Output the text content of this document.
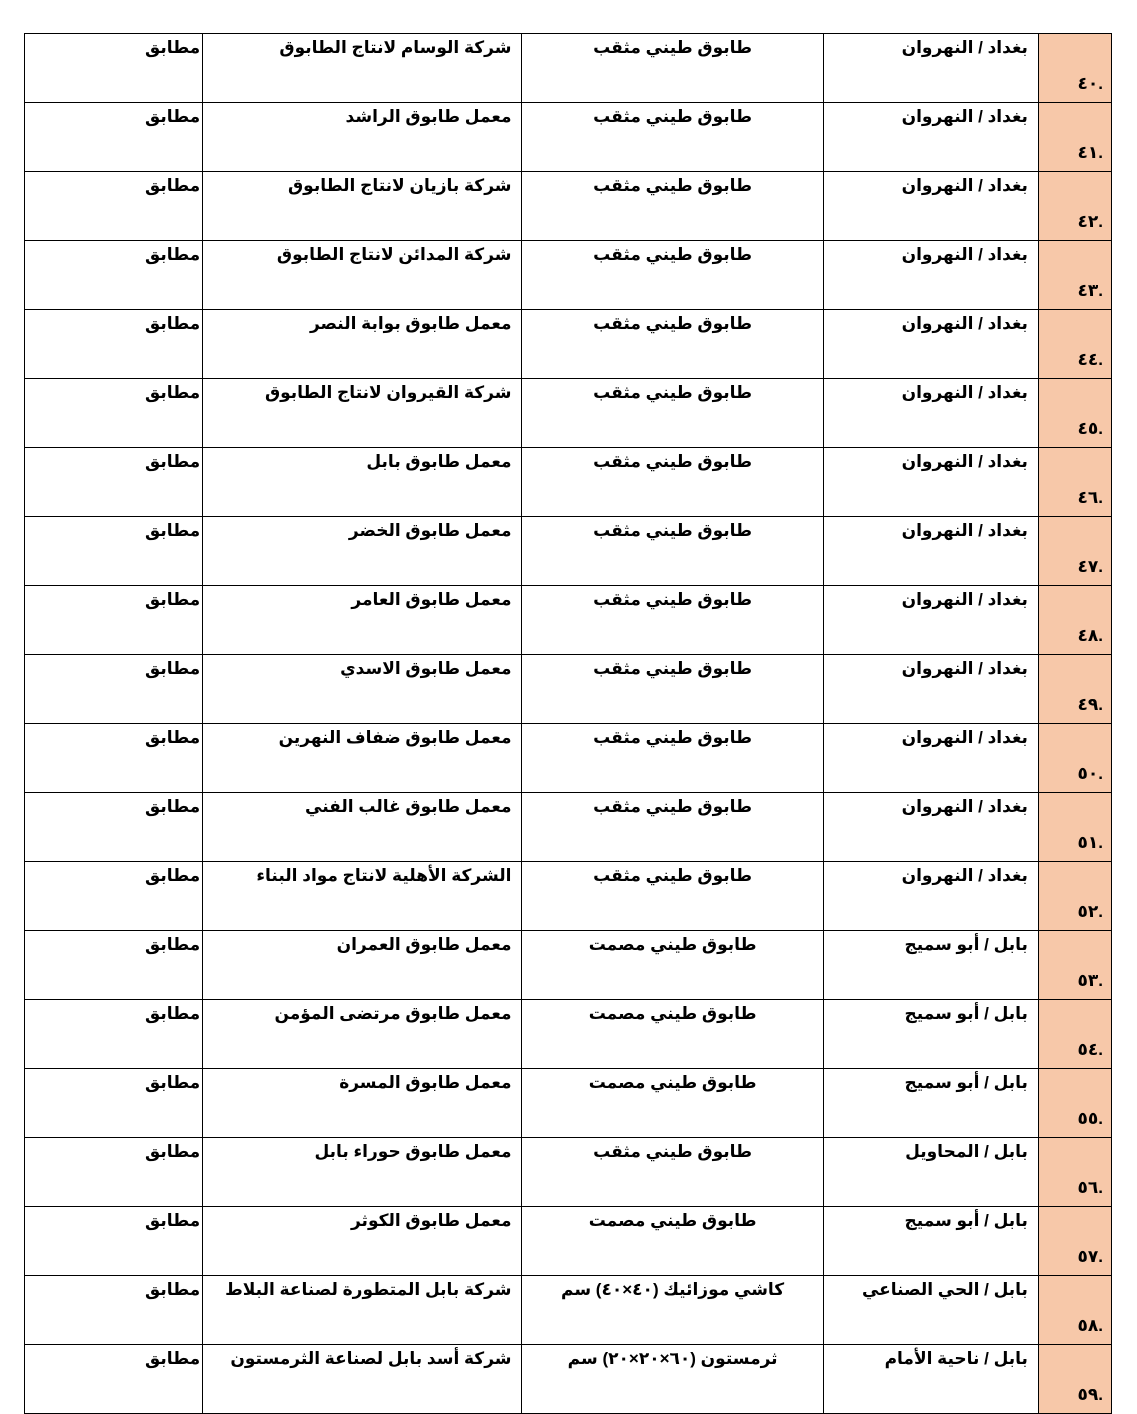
.٤٠	بغداد / النهروان	طابوق طيني مثقب	شركة الوسام لانتاج الطابوق	مطابق
.٤١	بغداد / النهروان	طابوق طيني مثقب	معمل طابوق الراشد	مطابق
.٤٢	بغداد / النهروان	طابوق طيني مثقب	شركة بازيان لانتاج الطابوق	مطابق
.٤٣	بغداد / النهروان	طابوق طيني مثقب	شركة المدائن لانتاج الطابوق	مطابق
.٤٤	بغداد / النهروان	طابوق طيني مثقب	معمل طابوق بوابة النصر	مطابق
.٤٥	بغداد / النهروان	طابوق طيني مثقب	شركة القيروان لانتاج الطابوق	مطابق
.٤٦	بغداد / النهروان	طابوق طيني مثقب	معمل طابوق بابل	مطابق
.٤٧	بغداد / النهروان	طابوق طيني مثقب	معمل طابوق الخضر	مطابق
.٤٨	بغداد / النهروان	طابوق طيني مثقب	معمل طابوق العامر	مطابق
.٤٩	بغداد / النهروان	طابوق طيني مثقب	معمل طابوق الاسدي	مطابق
.٥٠	بغداد / النهروان	طابوق طيني مثقب	معمل طابوق ضفاف النهرين	مطابق
.٥١	بغداد / النهروان	طابوق طيني مثقب	معمل طابوق غالب الفني	مطابق
.٥٢	بغداد / النهروان	طابوق طيني مثقب	الشركة الأهلية لانتاج مواد البناء	مطابق
.٥٣	بابل / أبو سميج	طابوق طيني مصمت	معمل طابوق العمران	مطابق
.٥٤	بابل / أبو سميج	طابوق طيني مصمت	معمل طابوق مرتضى المؤمن	مطابق
.٥٥	بابل / أبو سميج	طابوق طيني مصمت	معمل طابوق المسرة	مطابق
.٥٦	بابل / المحاويل	طابوق طيني مثقب	معمل طابوق حوراء بابل	مطابق
.٥٧	بابل / أبو سميج	طابوق طيني مصمت	معمل طابوق الكوثر	مطابق
.٥٨	بابل / الحي الصناعي	كاشي موزائيك (٤٠×٤٠) سم	شركة بابل المتطورة لصناعة البلاط	مطابق
.٥٩	بابل / ناحية الأمام	ثرمستون (٦٠×٢٠×٢٠) سم	شركة أسد بابل لصناعة الثرمستون	مطابق
